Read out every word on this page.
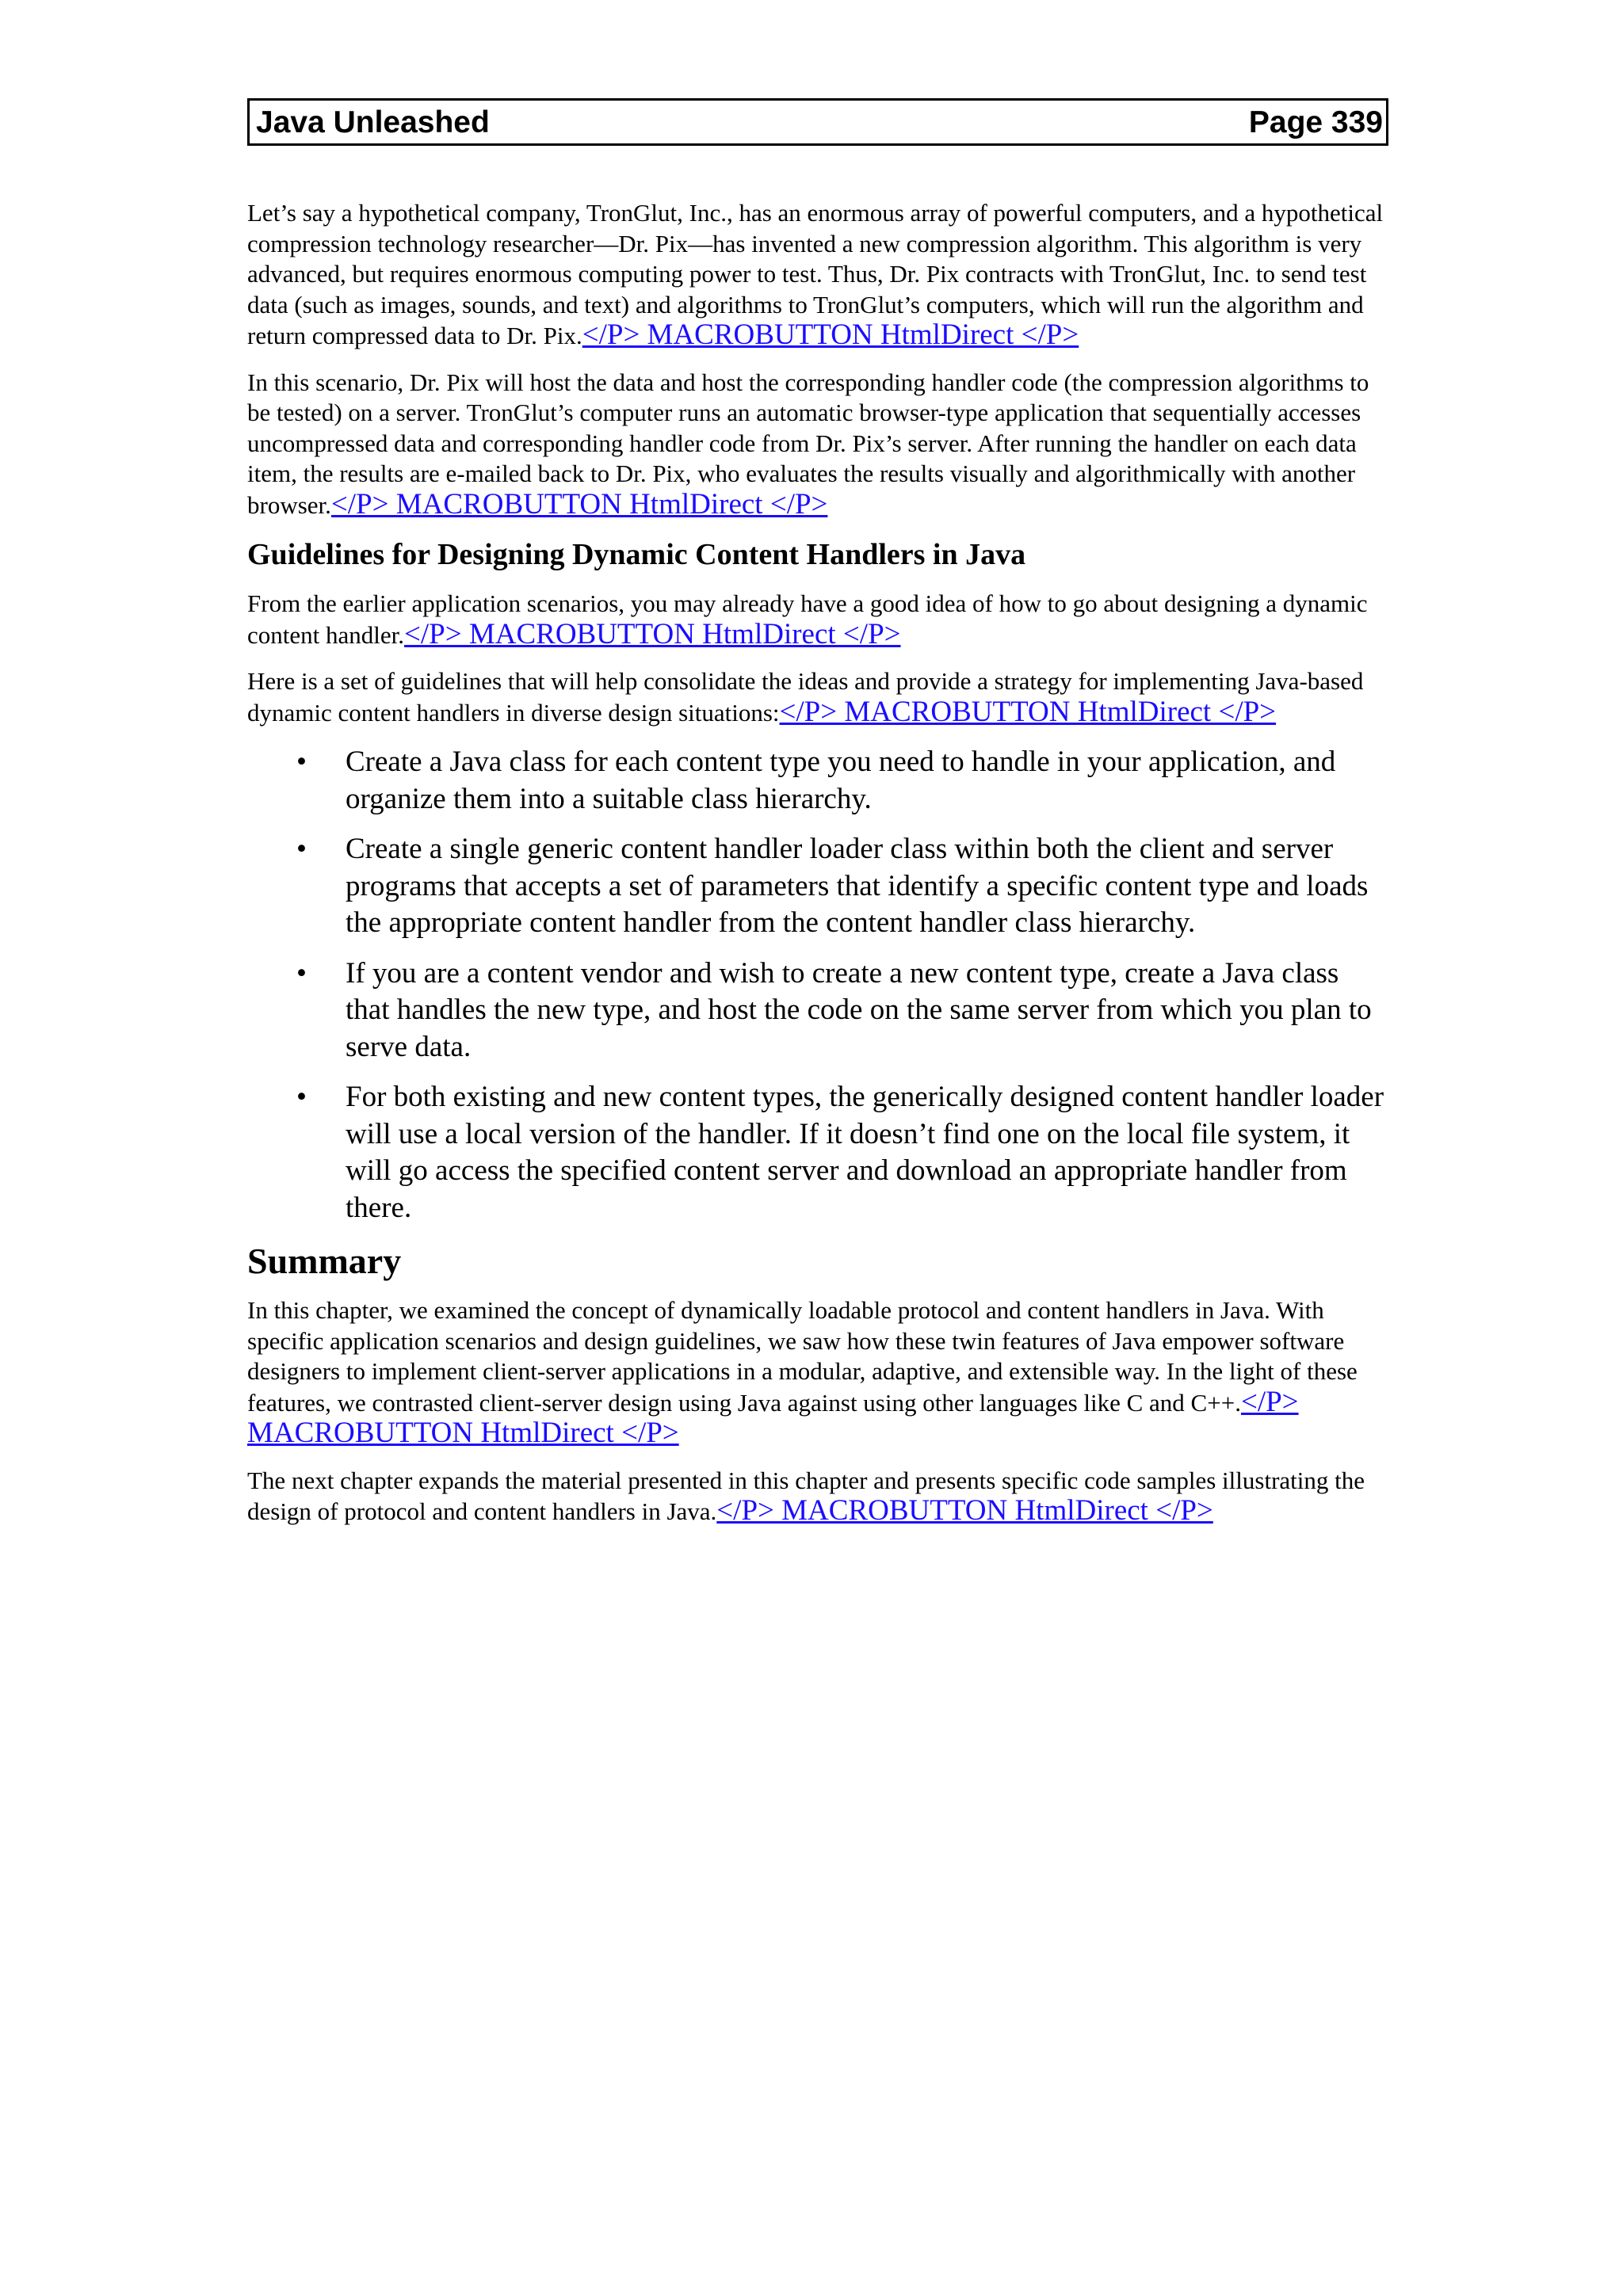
Java Unleashed	Page 339

Let’s say a hypothetical company, TronGlut, Inc., has an enormous array of powerful computers, and a hypothetical compression technology researcher—Dr. Pix—has invented a new compression algorithm. This algorithm is very advanced, but requires enormous computing power to test. Thus, Dr. Pix contracts with TronGlut, Inc. to send test data (such as images, sounds, and text) and algorithms to TronGlut’s computers, which will run the algorithm and return compressed data to Dr. Pix.</P> MACROBUTTON HtmlDirect </P>

In this scenario, Dr. Pix will host the data and host the corresponding handler code (the compression algorithms to be tested) on a server. TronGlut’s computer runs an automatic browser-type application that sequentially accesses uncompressed data and corresponding handler code from Dr. Pix’s server. After running the handler on each data item, the results are e-mailed back to Dr. Pix, who evaluates the results visually and algorithmically with another browser.</P> MACROBUTTON HtmlDirect </P>

Guidelines for Designing Dynamic Content Handlers in Java

From the earlier application scenarios, you may already have a good idea of how to go about designing a dynamic content handler.</P> MACROBUTTON HtmlDirect </P>

Here is a set of guidelines that will help consolidate the ideas and provide a strategy for implementing Java-based dynamic content handlers in diverse design situations:</P> MACROBUTTON HtmlDirect </P>

• Create a Java class for each content type you need to handle in your application, and organize them into a suitable class hierarchy.
• Create a single generic content handler loader class within both the client and server programs that accepts a set of parameters that identify a specific content type and loads the appropriate content handler from the content handler class hierarchy.
• If you are a content vendor and wish to create a new content type, create a Java class that handles the new type, and host the code on the same server from which you plan to serve data.
• For both existing and new content types, the generically designed content handler loader will use a local version of the handler. If it doesn’t find one on the local file system, it will go access the specified content server and download an appropriate handler from there.
Summary

In this chapter, we examined the concept of dynamically loadable protocol and content handlers in Java. With specific application scenarios and design guidelines, we saw how these twin features of Java empower software designers to implement client-server applications in a modular, adaptive, and extensible way. In the light of these features, we contrasted client-server design using Java against using other languages like C and C++.</P> MACROBUTTON HtmlDirect </P>

The next chapter expands the material presented in this chapter and presents specific code samples illustrating the design of protocol and content handlers in Java.</P> MACROBUTTON HtmlDirect </P>
